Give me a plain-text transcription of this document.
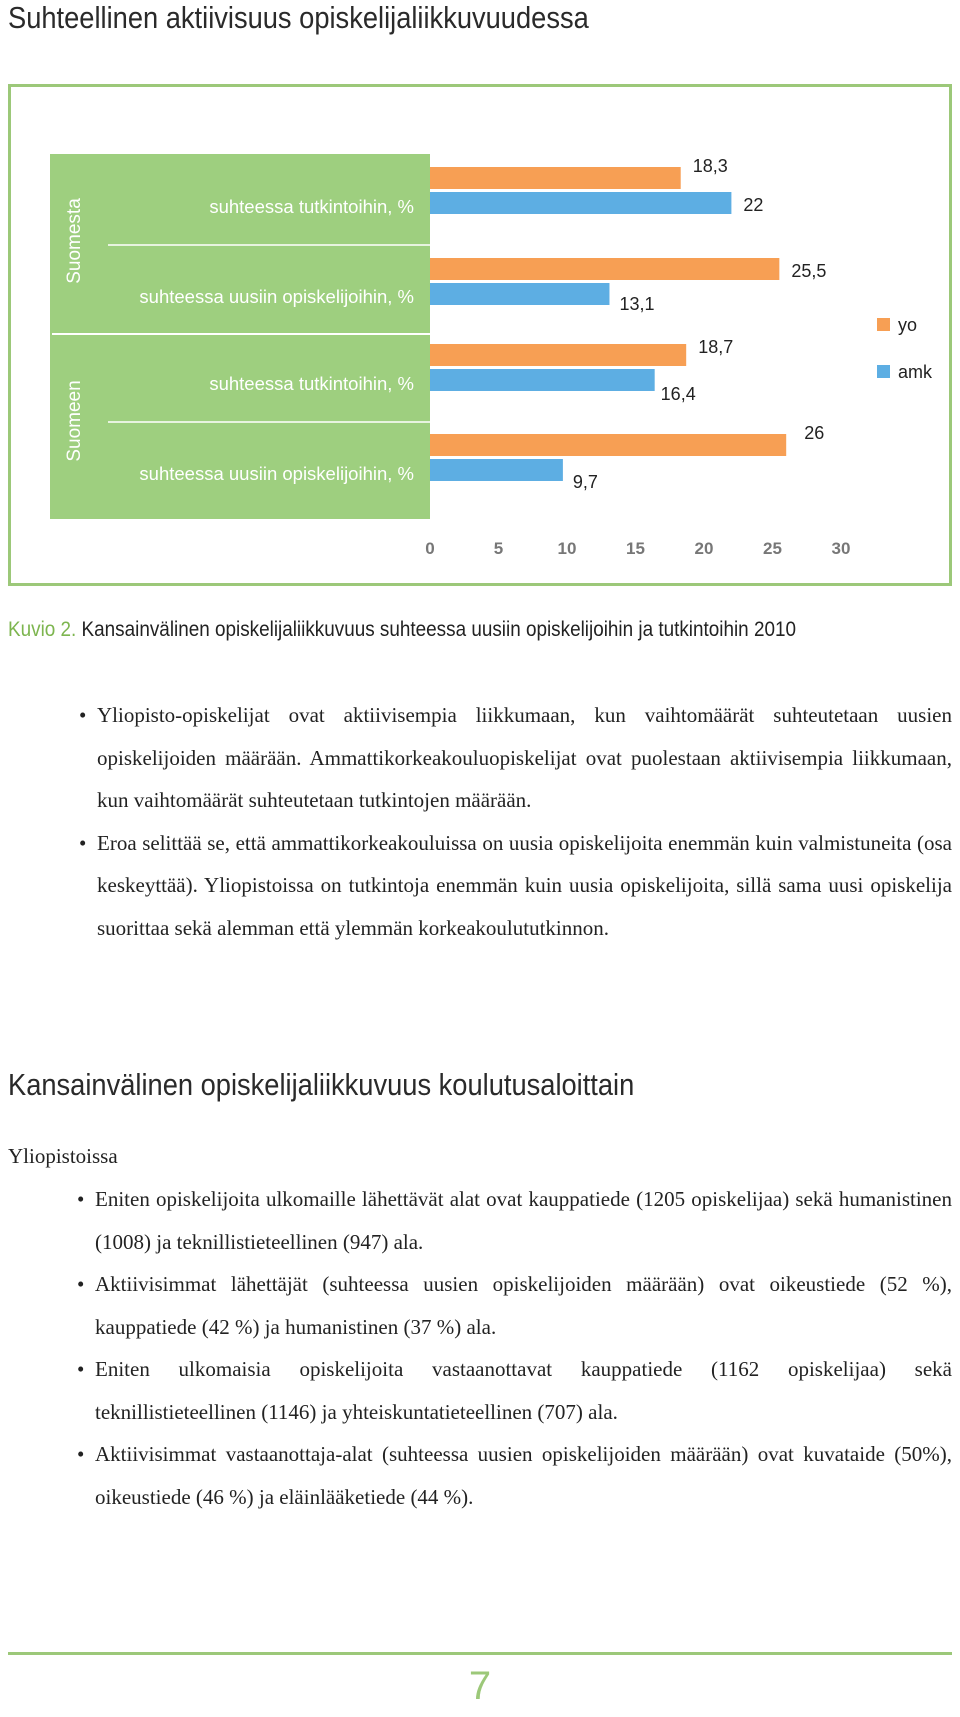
Suhteellinen aktiivisuus opiskelijaliikkuvuudessa
Suomesta
Suomeen
suhteessa tutkintoihin, %
suhteessa uusiin opiskelijoihin, %
suhteessa tutkintoihin, %
suhteessa uusiin opiskelijoihin, %
18,3
22
25,5
13,1
18,7
16,4
26
9,7
0	5	10	15	20	25	30
yo
amk
Kuvio 2. Kansainvälinen opiskelijaliikkuvuus suhteessa uusiin opiskelijoihin ja tutkintoihin 2010
• Yliopisto-opiskelijat ovat aktiivisempia liikkumaan, kun vaihtomäärät suhteutetaan uusien opiskelijoiden määrään. Ammattikorkeakouluopiskelijat ovat puolestaan aktiivisempia liikkumaan, kun vaihtomäärät suhteutetaan tutkintojen määrään.
• Eroa selittää se, että ammattikorkeakouluissa on uusia opiskelijoita enemmän kuin valmistuneita (osa keskeyttää). Yliopistoissa on tutkintoja enemmän kuin uusia opiskelijoita, sillä sama uusi opiskelija suorittaa sekä alemman että ylemmän korkeakoulututkinnon.
Kansainvälinen opiskelijaliikkuvuus koulutusaloittain
Yliopistoissa
• Eniten opiskelijoita ulkomaille lähettävät alat ovat kauppatiede (1205 opiskelijaa) sekä humanistinen (1008) ja teknillistieteellinen (947) ala.
• Aktiivisimmat lähettäjät (suhteessa uusien opiskelijoiden määrään) ovat oikeustiede (52 %), kauppatiede (42 %) ja humanistinen (37 %) ala.
• Eniten ulkomaisia opiskelijoita vastaanottavat kauppatiede (1162 opiskelijaa) sekä teknillistieteellinen (1146) ja yhteiskuntatieteellinen (707) ala.
• Aktiivisimmat vastaanottaja-alat (suhteessa uusien opiskelijoiden määrään) ovat kuvataide (50%), oikeustiede (46 %) ja eläinlääketiede (44 %).
7
